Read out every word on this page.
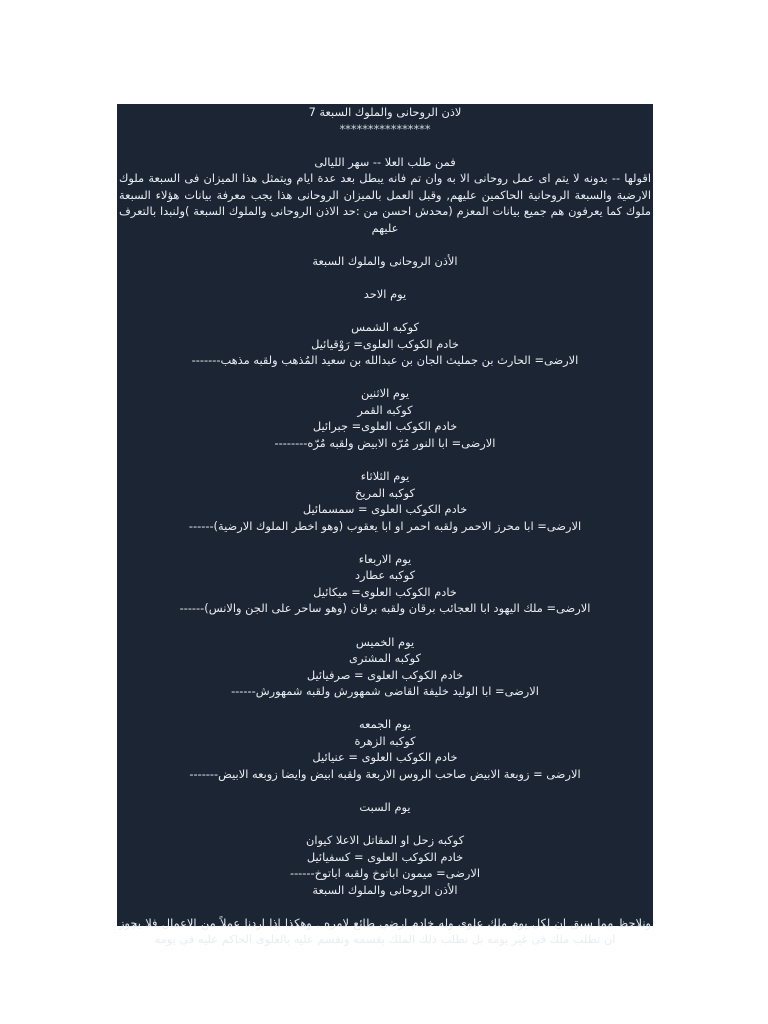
لاذن الروحانى والملوك السبعة 7
****************
فمن طلب العلا -- سهر الليالى
اقولها -- بدونه لا يتم اى عمل روحانى الا به وان تم فانه يبطل بعد عدة ايام ويتمثل هذا الميزان فى السبعة ملوك الارضية والسبعة الروحانية الحاكمين عليهم, وقبل العمل بالميزان الروحانى هذا يجب معرفة بيانات هؤلاء السبعة ملوك كما يعرفون هم جميع بيانات المعزم (محدش احسن من :حد الاذن الروحانى والملوك السبعة )ولنبدا بالتعرف عليهم
الأذن الروحانى والملوك السبعة
يوم الاحد
كوكبه الشمس
خادم الكوكب العلوى= رَوْقيائيل
الارضى= الحارث بن جمليث الجان بن عبدالله بن سعيد المُذهب ولقبه مذهب-------
يوم الاثنين
كوكبه القمر
خادم الكوكب العلوى= جبرائيل
الارضى= ابا النور مُرّه الابيض ولقبه مُرّه--------
يوم الثلاثاء
كوكبه المريخ
خادم الكوكب العلوى = سمسمائيل
الارضى= ابا محرز الاحمر ولقبه احمر او ابا يعقوب (وهو اخطر الملوك الارضية)------
يوم الاربعاء
كوكبه عطارد
خادم الكوكب العلوى= ميكائيل
الارضى= ملك اليهود ابا العجائب برقان ولقبه برقان (وهو ساحر على الجن والانس)------
يوم الخميس
كوكبه المشترى
خادم الكوكب العلوى = صرفيائيل
الارضى= ابا الوليد خليفة القاضى شمهورش ولقبه شمهورش------
يوم الجمعه
كوكبه الزهرة
خادم الكوكب العلوى = عنيائيل
الارضى = زوبعة الابيض صاحب الروس الاربعة ولقبه ابيض وايضا زوبعه الابيض-------
يوم السبت
كوكبه زحل او المقاتل الاعلا كيوان
خادم الكوكب العلوى = كسفيائيل
الارضى= ميمون اباتوخ ولقبه اباتوخ------
الأذن الروحانى والملوك السبعة
ونلاحظ مما سبق ان لكل يوم ملك علوى وله خادم ارضى طائع لامره , وهكذا اذا اردنا عملاً من الاعمال فلا يجوز ان نطلب ملك فى غير يومه بل نطلب ذلك الملك بقسمه ونقسم عليه بالعلوى الحاكم عليه فى يومه
